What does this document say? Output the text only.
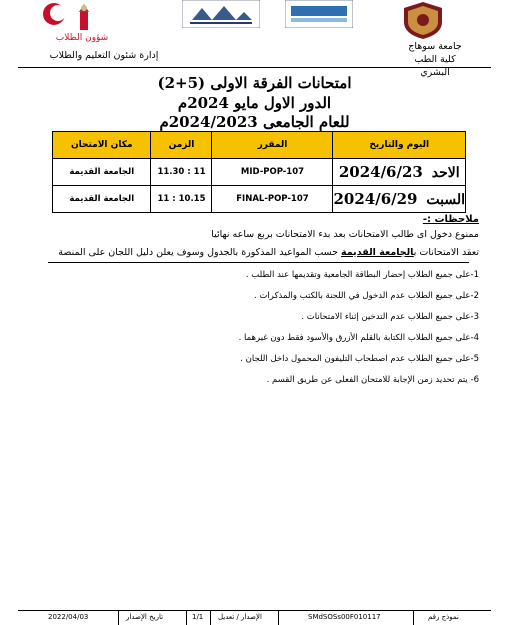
شؤون الطلاب
إدارة شئون التعليم والطلاب
جامعة سوهاج
كلية الطب البشري
امتحانات الفرقة الاولى (5+2)
الدور الاول مايو 2024م
للعام الجامعى 2024/2023م
اليوم والتاريخ	المقرر	الزمن	مكان الامتحان
الاحد 2024/6/23	MID-POP-107	11 : 11.30	الجامعة القديمة
السبت 2024/6/29	FINAL-POP-107	10.15 : 11	الجامعة القديمة
ملاحظات :-
ممنوع دخول اى طالب الامتحانات بعد بدء الامتحانات بربع ساعه نهائيا
تعقد الامتحانات بالجامعة القديمة حسب المواعيد المذكورة بالجدول وسوف يعلن دليل اللجان على المنصة
1-على جميع الطلاب إحضار البطاقة الجامعية وتقديمها عند الطلب .
2-على جميع الطلاب عدم الدخول في اللجنة بالكتب والمذكرات .
3-على جميع الطلاب عدم التدخين إثناء الامتحانات .
4-على جميع الطلاب الكتابة بالقلم الأزرق والأسود فقط دون غيرهما .
5-على جميع الطلاب عدم اصطحاب التليفون المحمول داخل اللجان .
6- يتم تحديد زمن الإجابة للامتحان الفعلى عن طريق القسم .
2022/04/03	تاريخ الإصدار	1/1 الإصدار / تعديل	SMdSOSs00F010117	نموذج رقم
